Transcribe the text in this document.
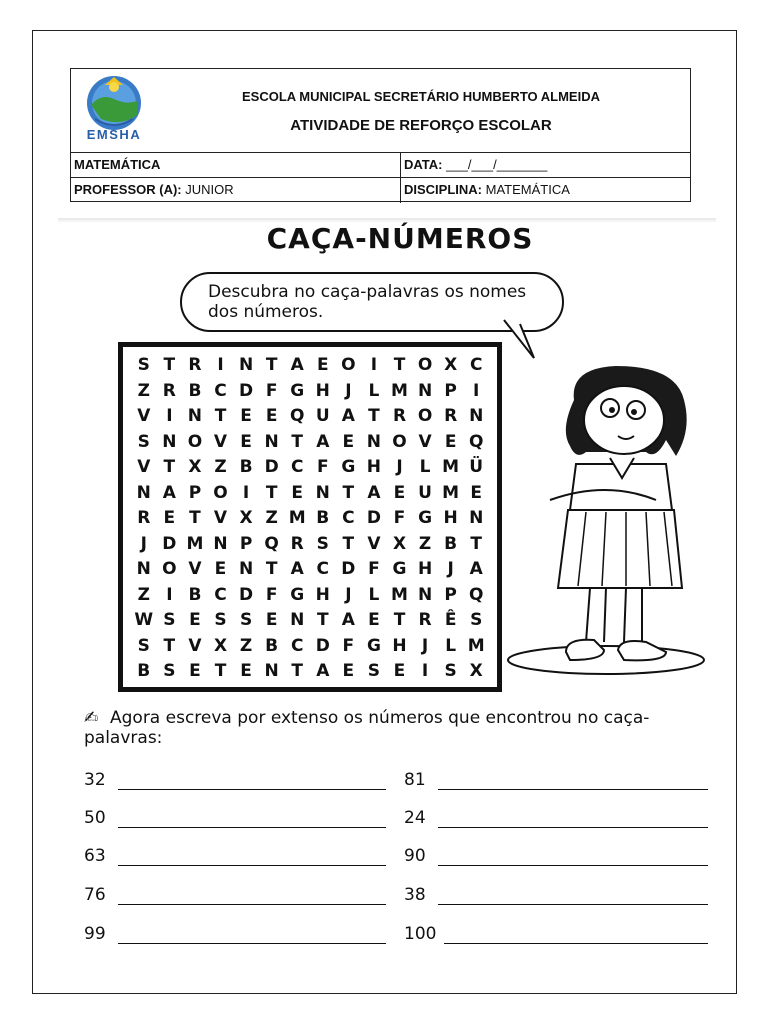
EMSHA
ESCOLA MUNICIPAL SECRETÁRIO HUMBERTO ALMEIDA
ATIVIDADE DE REFORÇO ESCOLAR
MATEMÁTICA	DATA: ___/___/_______
PROFESSOR (A): JUNIOR	DISCIPLINA: MATEMÁTICA
CAÇA-NÚMEROS
Descubra no caça-palavras os nomes
dos números.
S T R I N T A E O I T O X C
Z R B C D F G H J L M N P I
V I N T E E Q U A T R O R N
S N O V E N T A E N O V E Q
V T X Z B D C F G H J L M Ü
N A P O I T E N T A E U M E
R E T V X Z M B C D F G H N
J D M N P Q R S T V X Z B T
N O V E N T A C D F G H J A
Z I B C D F G H J L M N P Q
W S E S S E N T A E T R Ê S
S T V X Z B C D F G H J L M
B S E T E N T A E S E I S X
✍ Agora escreva por extenso os números que encontrou no caça-palavras:
32
50
63
76
99
81
24
90
38
100
